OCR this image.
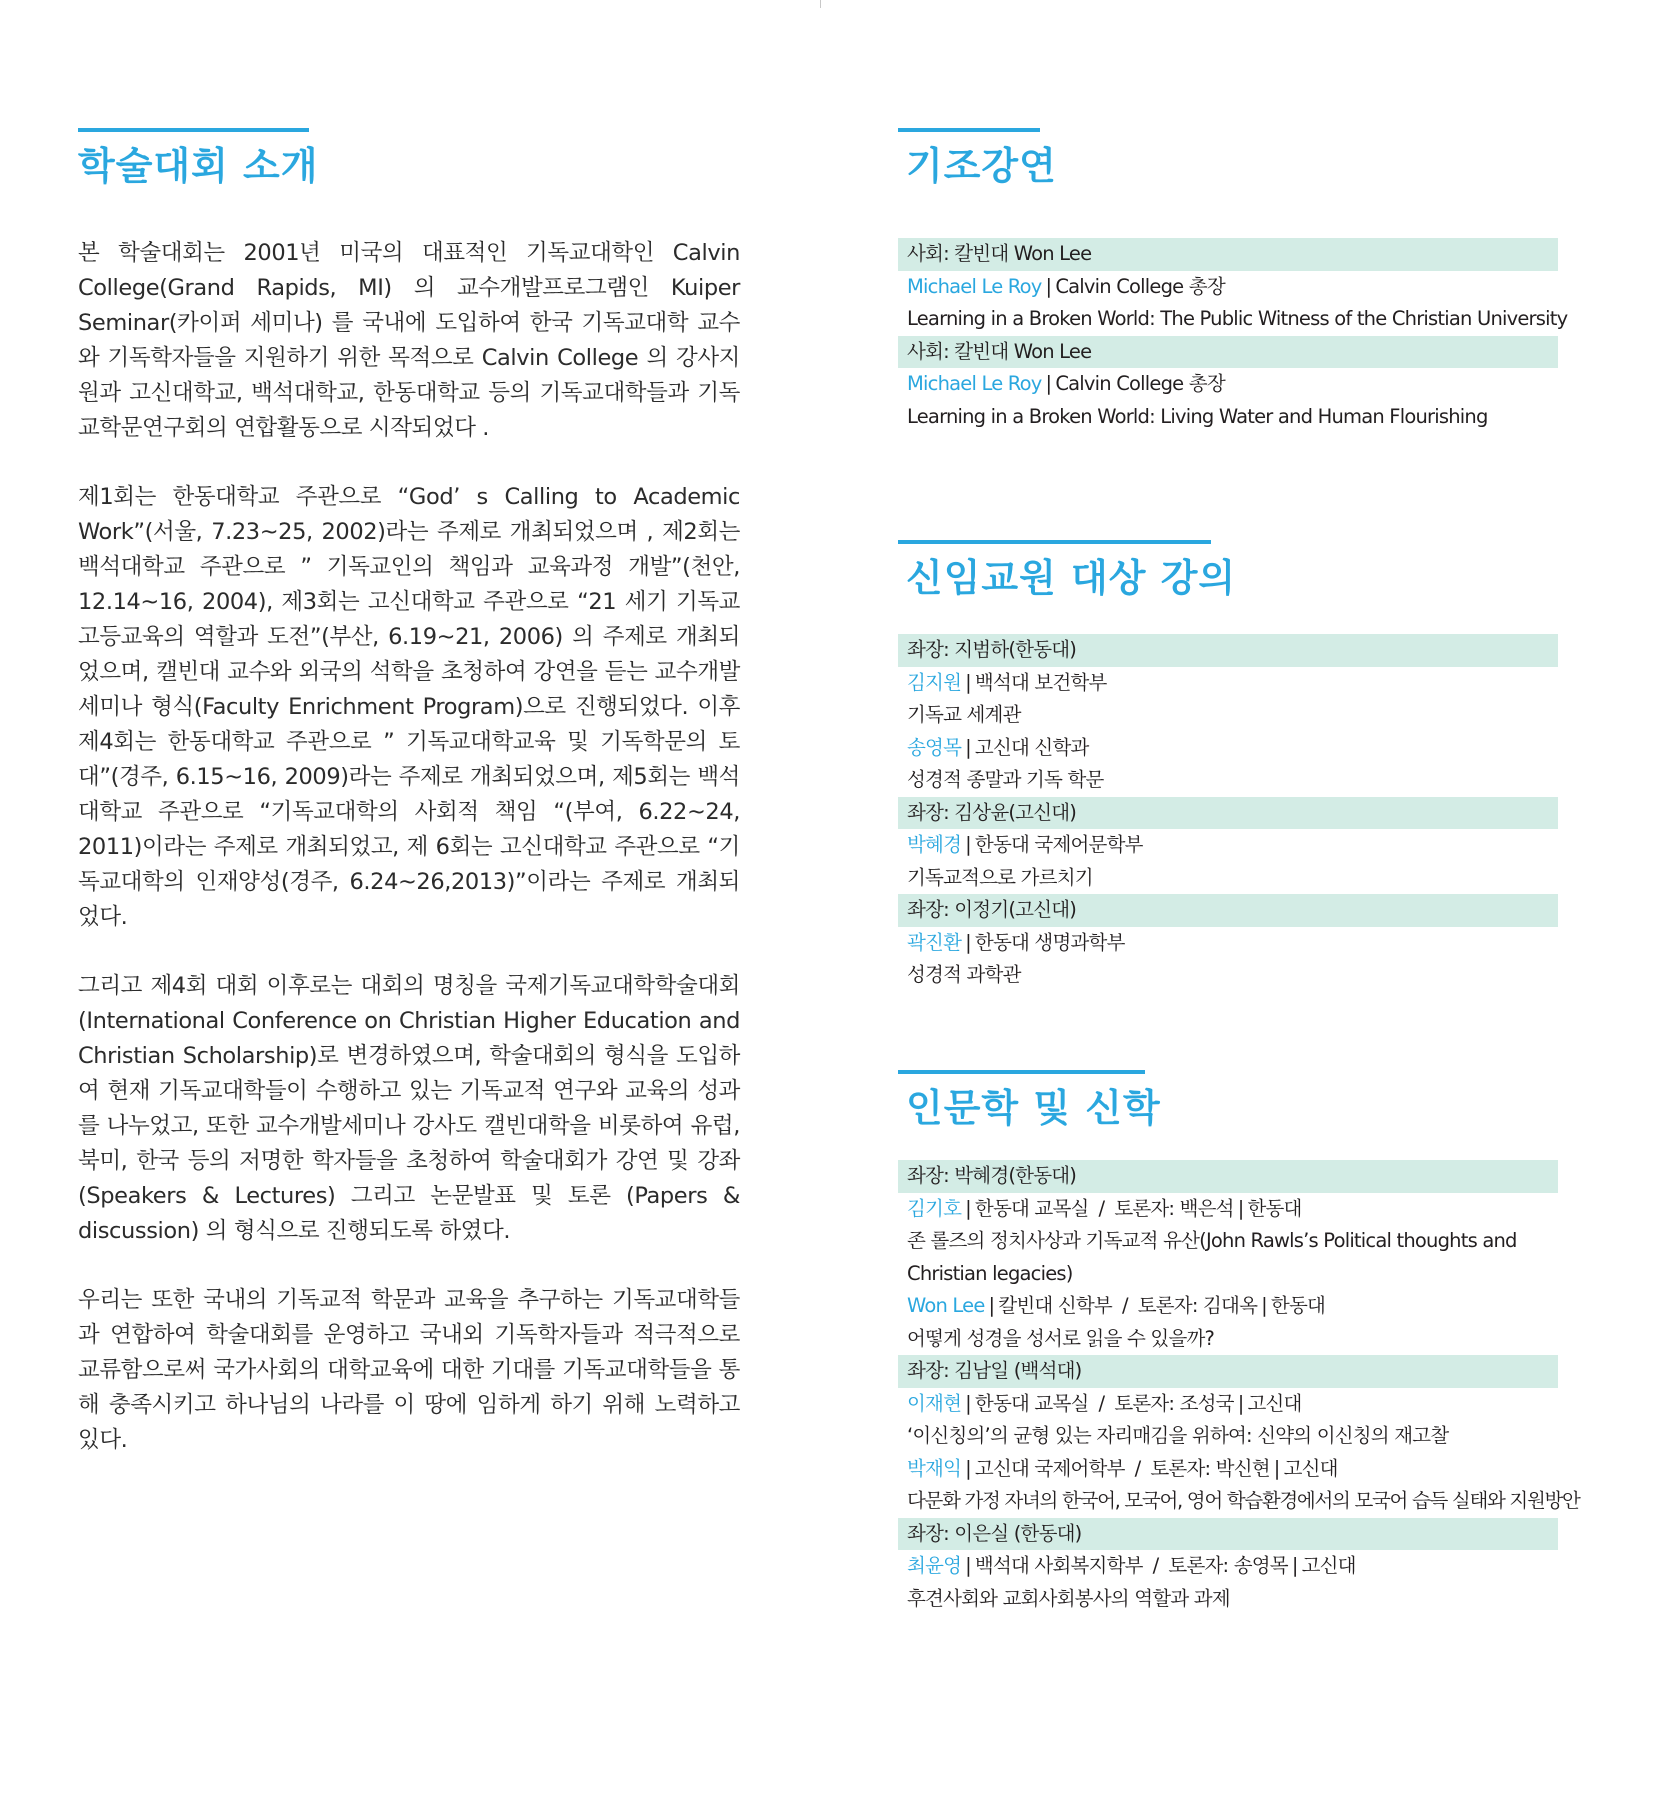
학술대회 소개

본 학술대회는 2001년 미국의 대표적인 기독교대학인 Calvin College(Grand Rapids, MI) 의 교수개발프로그램인 Kuiper Seminar(카이퍼 세미나) 를 국내에 도입하여 한국 기독교대학 교수와 기독학자들을 지원하기 위한 목적으로 Calvin College 의 강사지원과 고신대학교, 백석대학교, 한동대학교 등의 기독교대학들과 기독교학문연구회의 연합활동으로 시작되었다 .

제1회는 한동대학교 주관으로 “God’ s Calling to Academic Work”(서울, 7.23~25, 2002)라는 주제로 개최되었으며 , 제2회는 백석대학교 주관으로 ” 기독교인의 책임과 교육과정 개발”(천안, 12.14~16, 2004), 제3회는 고신대학교 주관으로 “21 세기 기독교 고등교육의 역할과 도전”(부산, 6.19~21, 2006) 의 주제로 개최되었으며, 캘빈대 교수와 외국의 석학을 초청하여 강연을 듣는 교수개발 세미나 형식(Faculty Enrichment Program)으로 진행되었다. 이후 제4회는 한동대학교 주관으로 ” 기독교대학교육 및 기독학문의 토대”(경주, 6.15~16, 2009)라는 주제로 개최되었으며, 제5회는 백석대학교 주관으로 “기독교대학의 사회적 책임 “(부여, 6.22~24, 2011)이라는 주제로 개최되었고, 제 6회는 고신대학교 주관으로 “기독교대학의 인재양성(경주, 6.24~26,2013)”이라는 주제로 개최되었다.

그리고 제4회 대회 이후로는 대회의 명칭을 국제기독교대학학술대회 (International Conference on Christian Higher Education and Christian Scholarship)로 변경하였으며, 학술대회의 형식을 도입하여 현재 기독교대학들이 수행하고 있는 기독교적 연구와 교육의 성과를 나누었고, 또한 교수개발세미나 강사도 캘빈대학을 비롯하여 유럽, 북미, 한국 등의 저명한 학자들을 초청하여 학술대회가 강연 및 강좌 (Speakers & Lectures) 그리고 논문발표 및 토론 (Papers & discussion) 의 형식으로 진행되도록 하였다.

우리는 또한 국내의 기독교적 학문과 교육을 추구하는 기독교대학들과 연합하여 학술대회를 운영하고 국내외 기독학자들과 적극적으로 교류함으로써 국가사회의 대학교육에 대한 기대를 기독교대학들을 통해 충족시키고 하나님의 나라를 이 땅에 임하게 하기 위해 노력하고 있다.

기조강연
사회: 칼빈대 Won Lee
Michael Le Roy | Calvin College 총장
Learning in a Broken World: The Public Witness of the Christian University
사회: 칼빈대 Won Lee
Michael Le Roy | Calvin College 총장
Learning in a Broken World: Living Water and Human Flourishing
신임교원 대상 강의
좌장: 지범하(한동대)
김지원 | 백석대 보건학부
기독교 세계관
송영목 | 고신대 신학과
성경적 종말과 기독 학문
좌장: 김상윤(고신대)
박혜경 | 한동대 국제어문학부
기독교적으로 가르치기
좌장: 이정기(고신대)
곽진환 | 한동대 생명과학부
성경적 과학관
인문학 및 신학
좌장: 박혜경(한동대)
김기호 | 한동대 교목실 / 토론자: 백은석 | 한동대
존 롤즈의 정치사상과 기독교적 유산(John Rawls’s Political thoughts and Christian legacies)
Won Lee | 칼빈대 신학부 / 토론자: 김대옥 | 한동대
어떻게 성경을 성서로 읽을 수 있을까?
좌장: 김남일 (백석대)
이재현 | 한동대 교목실 / 토론자: 조성국 | 고신대
‘이신칭의’의 균형 있는 자리매김을 위하여: 신약의 이신칭의 재고찰
박재익 | 고신대 국제어학부 / 토론자: 박신현 | 고신대
다문화 가정 자녀의 한국어, 모국어, 영어 학습환경에서의 모국어 습득 실태와 지원방안
좌장: 이은실 (한동대)
최윤영 | 백석대 사회복지학부 / 토론자: 송영목 | 고신대
후견사회와 교회사회봉사의 역할과 과제
